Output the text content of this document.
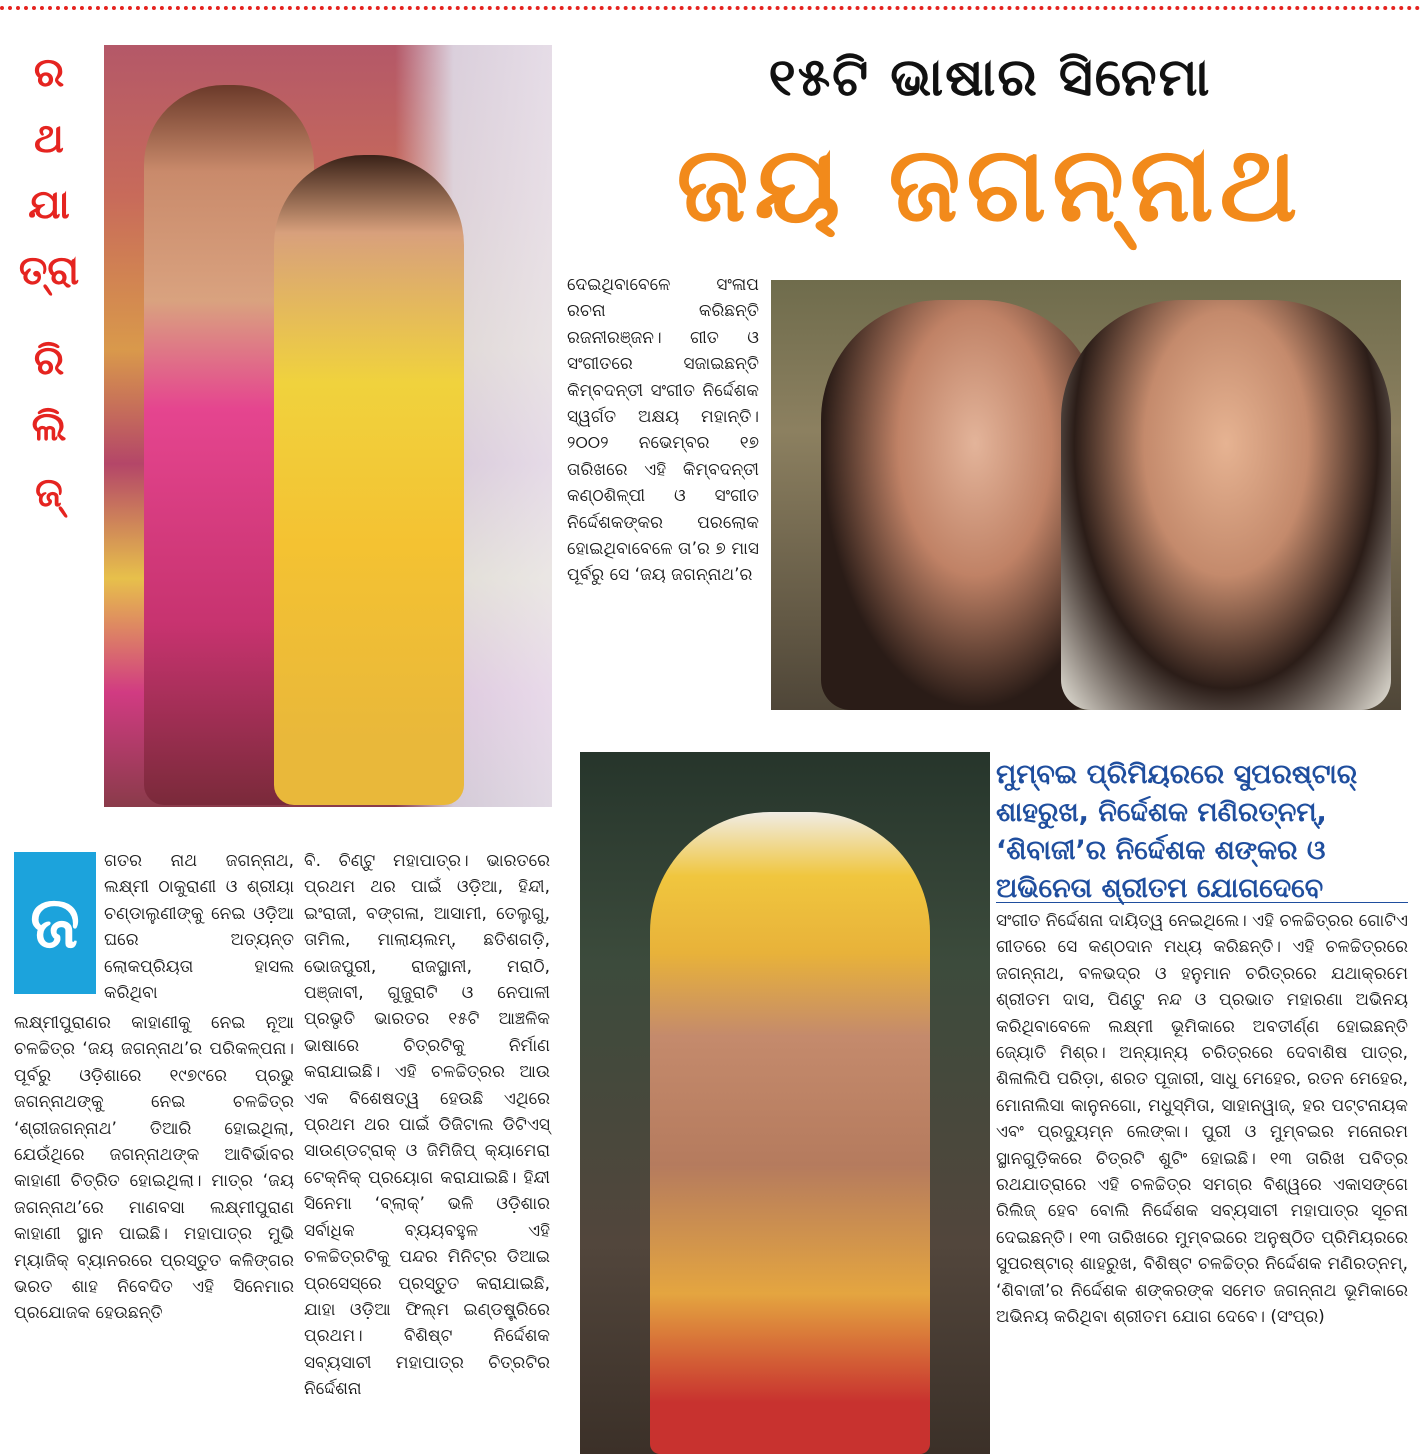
ର
ଥ
ଯା
ତ୍ରା
ରି
ଲି
ଜ୍
୧୫ଟି ଭାଷାର ସିନେମା
ଜୟ ଜଗନ୍ନାଥ
ଦେଇଥିବାବେଳେ ସଂଳାପ ରଚନା କରିଛନ୍ତି ରଜନୀରଞ୍ଜନ। ଗୀତ ଓ ସଂଗୀତରେ ସଜାଇଛନ୍ତି କିମ୍ବଦନ୍ତୀ ସଂଗୀତ ନିର୍ଦ୍ଦେଶକ ସ୍ୱର୍ଗତ ଅକ୍ଷୟ ମହାନ୍ତି। ୨୦୦୨ ନଭେମ୍ବର ୧୭ ତାରିଖରେ ଏହି କିମ୍ବଦନ୍ତୀ କଣ୍ଠଶିଳ୍ପୀ ଓ ସଂଗୀତ ନିର୍ଦ୍ଦେଶକଙ୍କର ପରଲୋକ ହୋଇଥିବାବେଳେ ତା’ର ୭ ମାସ ପୂର୍ବରୁ ସେ ‘ଜୟ ଜଗନ୍ନାଥ’ର
ଜ
ଗତର ନାଥ ଜଗନ୍ନାଥ, ଲକ୍ଷ୍ମୀ ଠାକୁରାଣୀ ଓ ଶ୍ରୀୟା ଚଣ୍ଡାଲୁଣୀଙ୍କୁ ନେଇ ଓଡ଼ିଆ ଘରେ ଅତ୍ୟନ୍ତ ଲୋକପ୍ରିୟତା ହାସଲ କରିଥିବା
ଲକ୍ଷ୍ମୀପୁରାଣର କାହାଣୀକୁ ନେଇ ନୂଆ ଚଳଚ୍ଚିତ୍ର ‘ଜୟ ଜଗନ୍ନାଥ’ର ପରିକଳ୍ପନା। ପୂର୍ବରୁ ଓଡ଼ିଶାରେ ୧୯୭୯ରେ ପ୍ରଭୁ ଜଗନ୍ନାଥଙ୍କୁ ନେଇ ଚଳଚ୍ଚିତ୍ର ‘ଶ୍ରୀଜଗନ୍ନାଥ’ ତିଆରି ହୋଇଥିଲା, ଯେଉଁଥିରେ ଜଗନ୍ନାଥଙ୍କ ଆବିର୍ଭାବର କାହାଣୀ ଚିତ୍ରିତ ହୋଇଥିଲା। ମାତ୍ର ‘ଜୟ ଜଗନ୍ନାଥ’ରେ ମାଣବସା ଲକ୍ଷ୍ମୀପୁରାଣ କାହାଣୀ ସ୍ଥାନ ପାଇଛି। ମହାପାତ୍ର ମୁଭି ମ୍ୟାଜିକ୍ ବ୍ୟାନରରେ ପ୍ରସ୍ତୁତ କଳିଙ୍ଗର ଭରତ ଶାହ ନିବେଦିତ ଏହି ସିନେମାର ପ୍ରଯୋଜକ ହେଉଛନ୍ତି
ବି. ଚିଣ୍ଟୁ ମହାପାତ୍ର। ଭାରତରେ ପ୍ରଥମ ଥର ପାଇଁ ଓଡ଼ିଆ, ହିନ୍ଦୀ, ଇଂରାଜୀ, ବଙ୍ଗଳା, ଆସାମୀ, ତେଲୁଗୁ, ତାମିଲ, ମାଲାୟଲମ୍, ଛତିଶଗଡ଼ି, ଭୋଜପୁରୀ, ରାଜସ୍ଥାନୀ, ମରାଠି, ପଞ୍ଜାବୀ, ଗୁଜୁରାଟି ଓ ନେପାଳୀ ପ୍ରଭୃତି ଭାରତର ୧୫ଟି ଆଞ୍ଚଳିକ ଭାଷାରେ ଚିତ୍ରଟିକୁ ନିର୍ମାଣ କରାଯାଇଛି। ଏହି ଚଳଚ୍ଚିତ୍ରର ଆଉ ଏକ ବିଶେଷତ୍ୱ ହେଉଛି ଏଥିରେ ପ୍ରଥମ ଥର ପାଇଁ ଡିଜିଟାଲ ଡିଟିଏସ୍ ସାଉଣ୍ଡଟ୍ରାକ୍ ଓ ଜିମିଜିପ୍ କ୍ୟାମେରା ଟେକ୍ନିକ୍ ପ୍ରୟୋଗ କରାଯାଇଛି। ହିନ୍ଦୀ ସିନେମା ‘ବ୍ଲାକ୍’ ଭଳି ଓଡ଼ିଶାର ସର୍ବାଧିକ ବ୍ୟୟବହୁଳ ଏହି ଚଳଚ୍ଚିତ୍ରଟିକୁ ପନ୍ଦର ମିନିଟ୍ର ଡିଆଇ ପ୍ରସେସ୍ରେ ପ୍ରସ୍ତୁତ କରାଯାଇଛି, ଯାହା ଓଡ଼ିଆ ଫିଲ୍ମ ଇଣ୍ଡଷ୍ଟ୍ରିରେ ପ୍ରଥମ। ବିଶିଷ୍ଟ ନିର୍ଦ୍ଦେଶକ ସବ୍ୟସାଚୀ ମହାପାତ୍ର ଚିତ୍ରଟିର ନିର୍ଦ୍ଦେଶନା
ମୁମ୍ବଇ ପ୍ରିମିୟରରେ ସୁପରଷ୍ଟାର୍ ଶାହରୁଖ, ନିର୍ଦ୍ଦେଶକ ମଣିରତ୍ନମ୍, ‘ଶିବାଜୀ’ର ନିର୍ଦ୍ଦେଶକ ଶଙ୍କର ଓ ଅଭିନେତା ଶ୍ରୀତମ ଯୋଗଦେବେ
ସଂଗୀତ ନିର୍ଦ୍ଦେଶନା ଦାୟିତ୍ୱ ନେଇଥିଲେ। ଏହି ଚଳଚ୍ଚିତ୍ରର ଗୋଟିଏ ଗୀତରେ ସେ କଣ୍ଠଦାନ ମଧ୍ୟ କରିଛନ୍ତି। ଏହି ଚଳଚ୍ଚିତ୍ରରେ ଜଗନ୍ନାଥ, ବଳଭଦ୍ର ଓ ହନୁମାନ ଚରିତ୍ରରେ ଯଥାକ୍ରମେ ଶ୍ରୀତମ ଦାସ, ପିଣ୍ଟୁ ନନ୍ଦ ଓ ପ୍ରଭାତ ମହାରଣା ଅଭିନୟ କରିଥିବାବେଳେ ଲକ୍ଷ୍ମୀ ଭୂମିକାରେ ଅବତୀର୍ଣ୍ଣ ହୋଇଛନ୍ତି ଜ୍ୟୋତି ମିଶ୍ର। ଅନ୍ୟାନ୍ୟ ଚରିତ୍ରରେ ଦେବାଶିଷ ପାତ୍ର, ଶିଳାଲିପି ପରିଡ଼ା, ଶରତ ପୂଜାରୀ, ସାଧୁ ମେହେର, ରତନ ମେହେର, ମୋନାଲିସା କାନୁନଗୋ, ମଧୁସ୍ମିତା, ସାହାନୱାଜ୍, ହର ପଟ୍ଟନାୟକ ଏବଂ ପ୍ରଦ୍ୟୁମ୍ନ ଲେଙ୍କା। ପୁରୀ ଓ ମୁମ୍ବଇର ମନୋରମ ସ୍ଥାନଗୁଡ଼ିକରେ ଚିତ୍ରଟି ଶୁଟିଂ ହୋଇଛି। ୧୩ ତାରିଖ ପବିତ୍ର ରଥଯାତ୍ରାରେ ଏହି ଚଳଚ୍ଚିତ୍ର ସମଗ୍ର ବିଶ୍ୱରେ ଏକାସଙ୍ଗେ ରିଲିଜ୍ ହେବ ବୋଲି ନିର୍ଦ୍ଦେଶକ ସବ୍ୟସାଚୀ ମହାପାତ୍ର ସୂଚନା ଦେଇଛନ୍ତି। ୧୩ ତାରିଖରେ ମୁମ୍ବଇରେ ଅନୁଷ୍ଠିତ ପ୍ରିମିୟରରେ ସୁପରଷ୍ଟାର୍ ଶାହରୁଖ, ବିଶିଷ୍ଟ ଚଳଚ୍ଚିତ୍ର ନିର୍ଦ୍ଦେଶକ ମଣିରତ୍ନମ୍, ‘ଶିବାଜୀ’ର ନିର୍ଦ୍ଦେଶକ ଶଙ୍କରଙ୍କ ସମେତ ଜଗନ୍ନାଥ ଭୂମିକାରେ ଅଭିନୟ କରିଥିବା ଶ୍ରୀତମ ଯୋଗ ଦେବେ। (ସଂପ୍ର)
